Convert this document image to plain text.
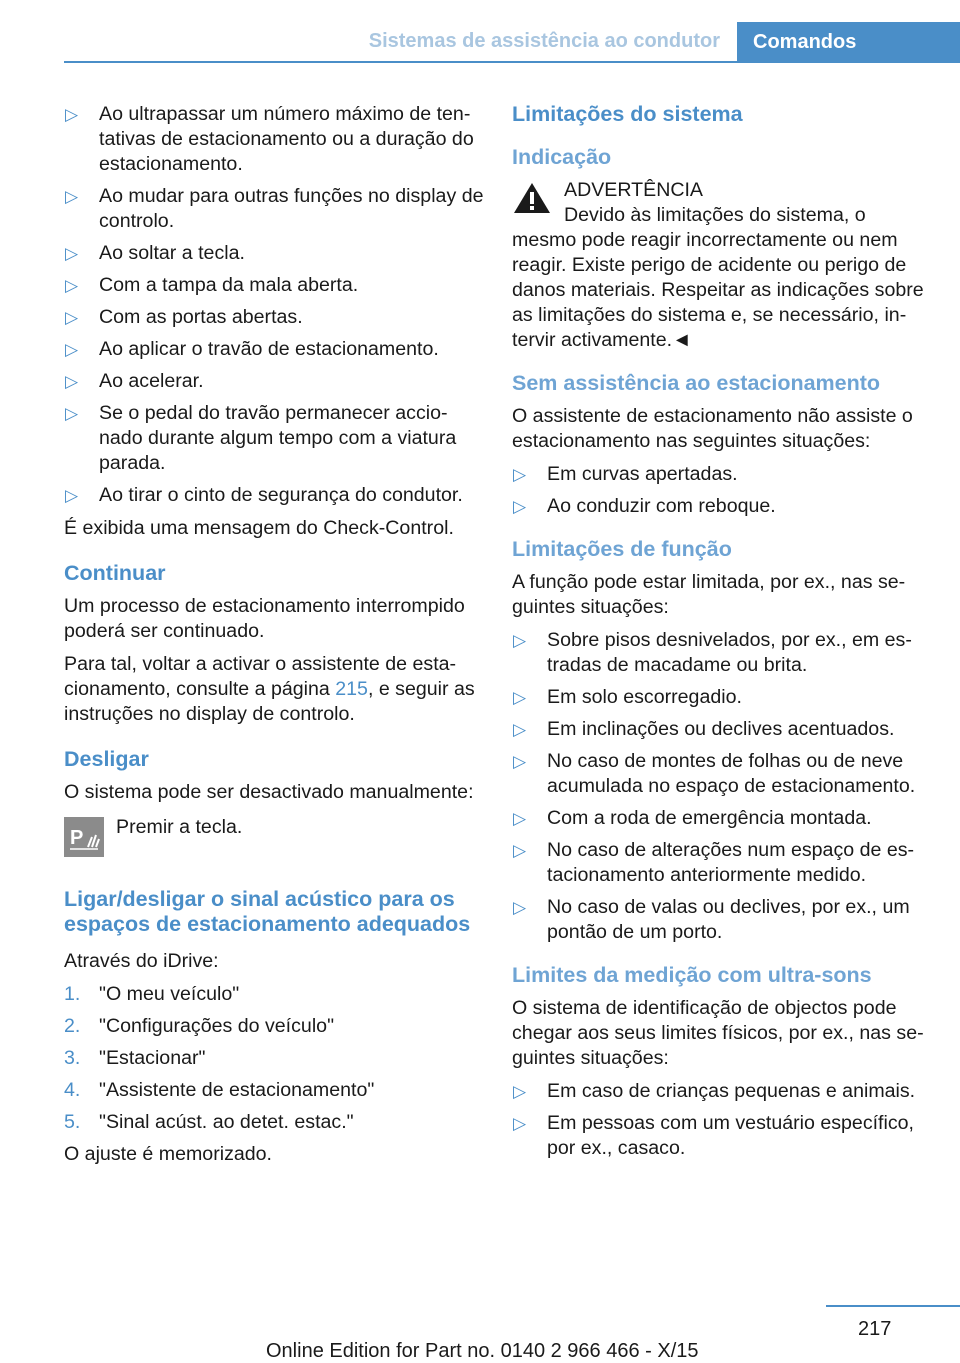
Sistemas de assistência ao condutor	Comandos
▷ Ao ultrapassar um número máximo de tentativas de estacionamento ou a duração do estacionamento.
▷ Ao mudar para outras funções no display de controlo.
▷ Ao soltar a tecla.
▷ Com a tampa da mala aberta.
▷ Com as portas abertas.
▷ Ao aplicar o travão de estacionamento.
▷ Ao acelerar.
▷ Se o pedal do travão permanecer accionado durante algum tempo com a viatura parada.
▷ Ao tirar o cinto de segurança do condutor.

É exibida uma mensagem do Check-Control.

Continuar

Um processo de estacionamento interrompido poderá ser continuado.

Para tal, voltar a activar o assistente de estacionamento, consulte a página 215, e seguir as instruções no display de controlo.

Desligar

O sistema pode ser desactivado manualmente:

P Premir a tecla.
Ligar/desligar o sinal acústico para os espaços de estacionamento adequados

Através do iDrive:

1. "O meu veículo"
2. "Configurações do veículo"
3. "Estacionar"
4. "Assistente de estacionamento"
5. "Sinal acúst. ao detet. estac."

O ajuste é memorizado.

Limitações do sistema
Indicação
ADVERTÊNCIA
Devido às limitações do sistema, o

mesmo pode reagir incorrectamente ou nem reagir. Existe perigo de acidente ou perigo de danos materiais. Respeitar as indicações sobre as limitações do sistema e, se necessário, intervir activamente.◄

Sem assistência ao estacionamento

O assistente de estacionamento não assiste o estacionamento nas seguintes situações:

▷ Em curvas apertadas.
▷ Ao conduzir com reboque.
Limitações de função

A função pode estar limitada, por ex., nas seguintes situações:

▷ Sobre pisos desnivelados, por ex., em estradas de macadame ou brita.
▷ Em solo escorregadio.
▷ Em inclinações ou declives acentuados.
▷ No caso de montes de folhas ou de neve acumulada no espaço de estacionamento.
▷ Com a roda de emergência montada.
▷ No caso de alterações num espaço de estacionamento anteriormente medido.
▷ No caso de valas ou declives, por ex., um pontão de um porto.
Limites da medição com ultra-sons

O sistema de identificação de objectos pode chegar aos seus limites físicos, por ex., nas seguintes situações:

▷ Em caso de crianças pequenas e animais.
▷ Em pessoas com um vestuário específico, por ex., casaco.
217
Online Edition for Part no. 0140 2 966 466 - X/15
